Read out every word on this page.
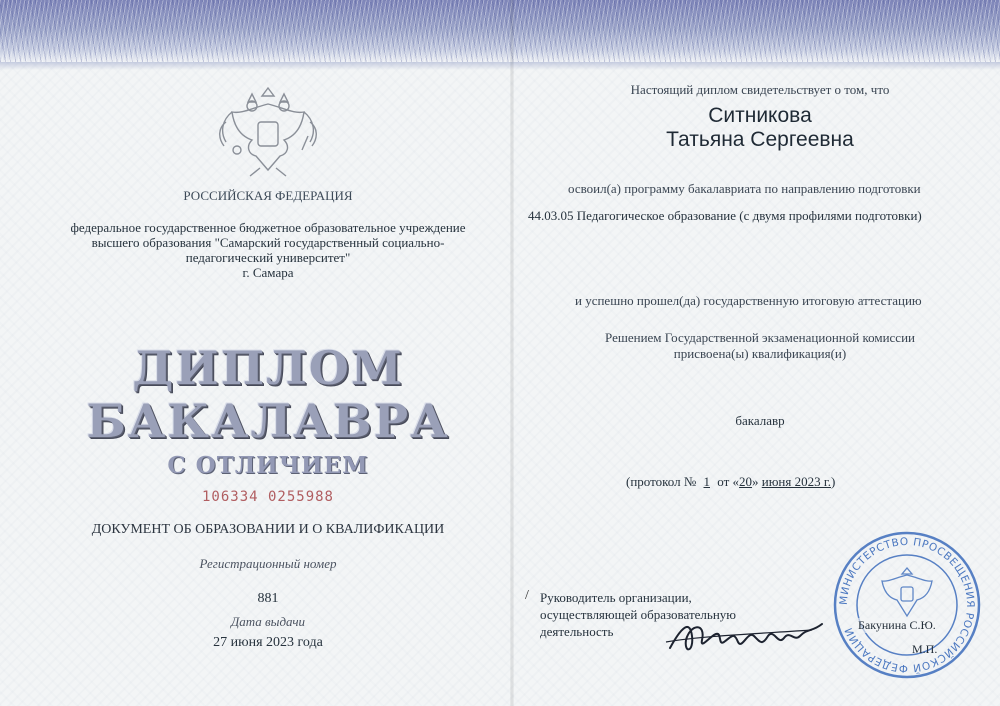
РОССИЙСКАЯ ФЕДЕРАЦИЯ
федеральное государственное бюджетное образовательное учреждение
высшего образования "Самарский государственный социально-
педагогический университет"
г. Самара
ДИПЛОМ
БАКАЛАВРА
С ОТЛИЧИЕМ
106334 0255988
ДОКУМЕНТ ОБ ОБРАЗОВАНИИ И О КВАЛИФИКАЦИИ
Регистрационный номер
881
Дата выдачи
27 июня 2023 года
Настоящий диплом свидетельствует о том, что
Ситникова
Татьяна Сергеевна
освоил(а) программу бакалавриата по направлению подготовки
44.03.05 Педагогическое образование (с двумя профилями подготовки)
и успешно прошел(да) государственную итоговую аттестацию
Решением Государственной экзаменационной комиссии
присвоена(ы) квалификация(и)
бакалавр
(протокол № 1 от «20» июня 2023 г.)
/ Руководитель организации,
осуществляющей образовательную
деятельность
МИНИСТЕРСТВО ПРОСВЕЩЕНИЯ РОССИЙСКОЙ ФЕДЕРАЦИИ Бакунина С.Ю.
М.П.
